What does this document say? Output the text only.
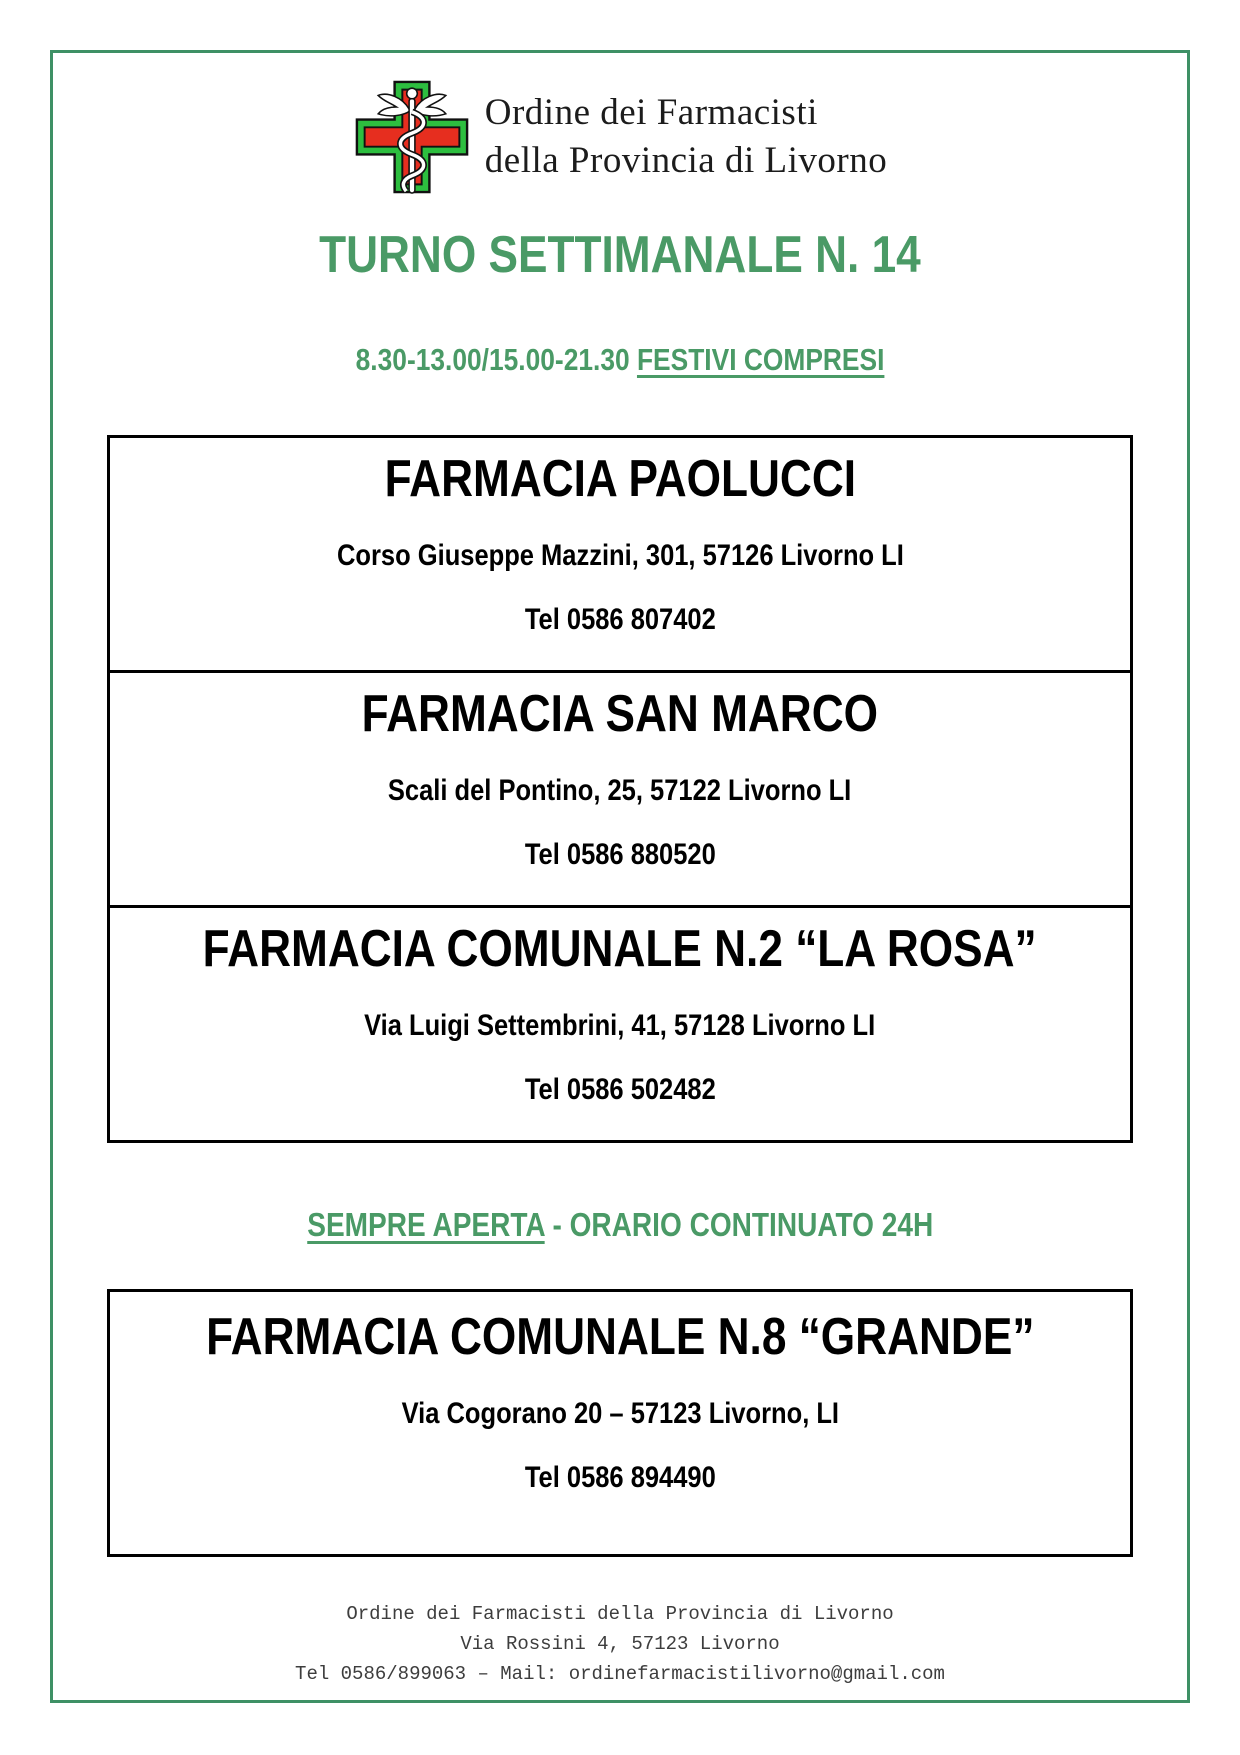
Ordine dei Farmacisti
della Provincia di Livorno
TURNO SETTIMANALE N. 14
8.30-13.00/15.00-21.30 FESTIVI COMPRESI
FARMACIA PAOLUCCI

Corso Giuseppe Mazzini, 301, 57126 Livorno LI

Tel 0586 807402

FARMACIA SAN MARCO

Scali del Pontino, 25, 57122 Livorno LI

Tel 0586 880520

FARMACIA COMUNALE N.2 “LA ROSA”

Via Luigi Settembrini, 41, 57128 Livorno LI

Tel 0586 502482

SEMPRE APERTA - ORARIO CONTINUATO 24H
FARMACIA COMUNALE N.8 “GRANDE”

Via Cogorano 20 – 57123 Livorno, LI

Tel 0586 894490

Ordine dei Farmacisti della Provincia di Livorno
Via Rossini 4, 57123 Livorno
Tel 0586/899063 – Mail: ordinefarmacistilivorno@gmail.com
